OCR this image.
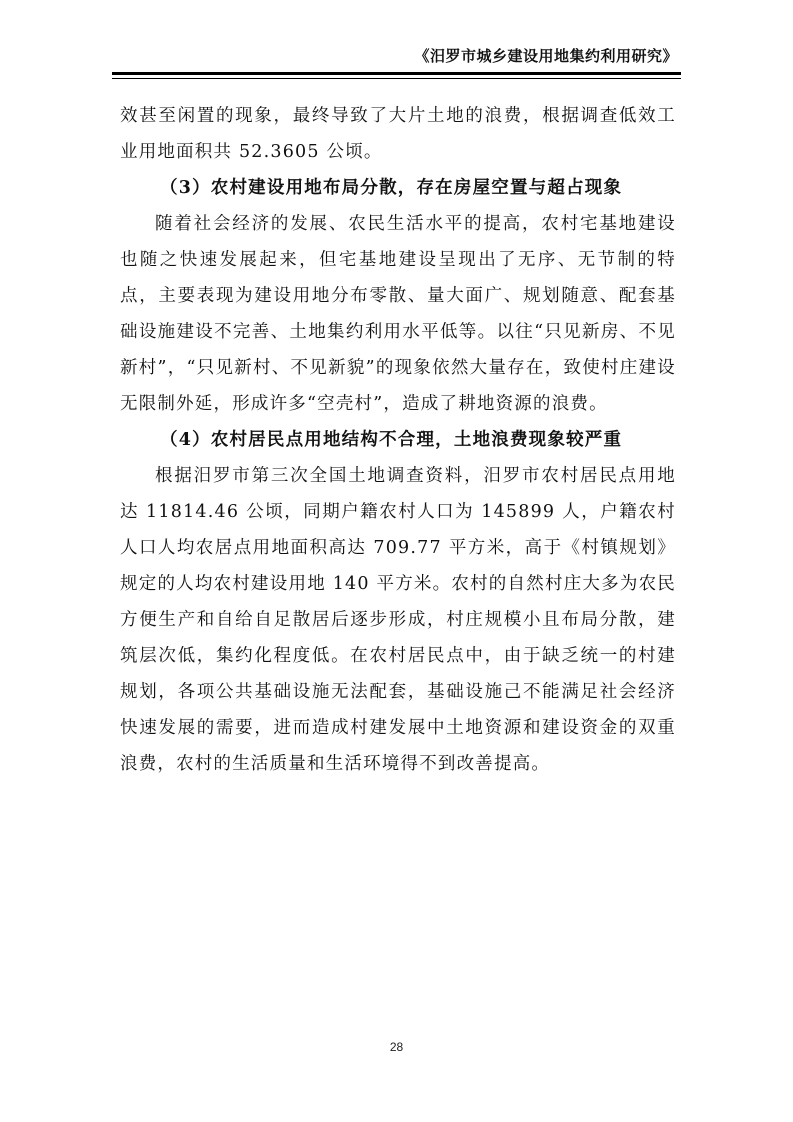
《汨罗市城乡建设用地集约利用研究》

效甚至闲置的现象，最终导致了大片土地的浪费，根据调查低效工业用地面积共 52.3605 公顷。

（3）农村建设用地布局分散，存在房屋空置与超占现象

随着社会经济的发展、农民生活水平的提高，农村宅基地建设也随之快速发展起来，但宅基地建设呈现出了无序、无节制的特点，主要表现为建设用地分布零散、量大面广、规划随意、配套基础设施建设不完善、土地集约利用水平低等。以往“只见新房、不见新村”，“只见新村、不见新貌”的现象依然大量存在，致使村庄建设无限制外延，形成许多“空壳村”，造成了耕地资源的浪费。

（4）农村居民点用地结构不合理，土地浪费现象较严重

根据汨罗市第三次全国土地调查资料，汨罗市农村居民点用地达 11814.46 公顷，同期户籍农村人口为 145899 人，户籍农村人口人均农居点用地面积高达 709.77 平方米，高于《村镇规划》规定的人均农村建设用地 140 平方米。农村的自然村庄大多为农民方便生产和自给自足散居后逐步形成，村庄规模小且布局分散，建筑层次低，集约化程度低。在农村居民点中，由于缺乏统一的村建规划，各项公共基础设施无法配套，基础设施己不能满足社会经济快速发展的需要，进而造成村建发展中土地资源和建设资金的双重浪费，农村的生活质量和生活环境得不到改善提高。

28
